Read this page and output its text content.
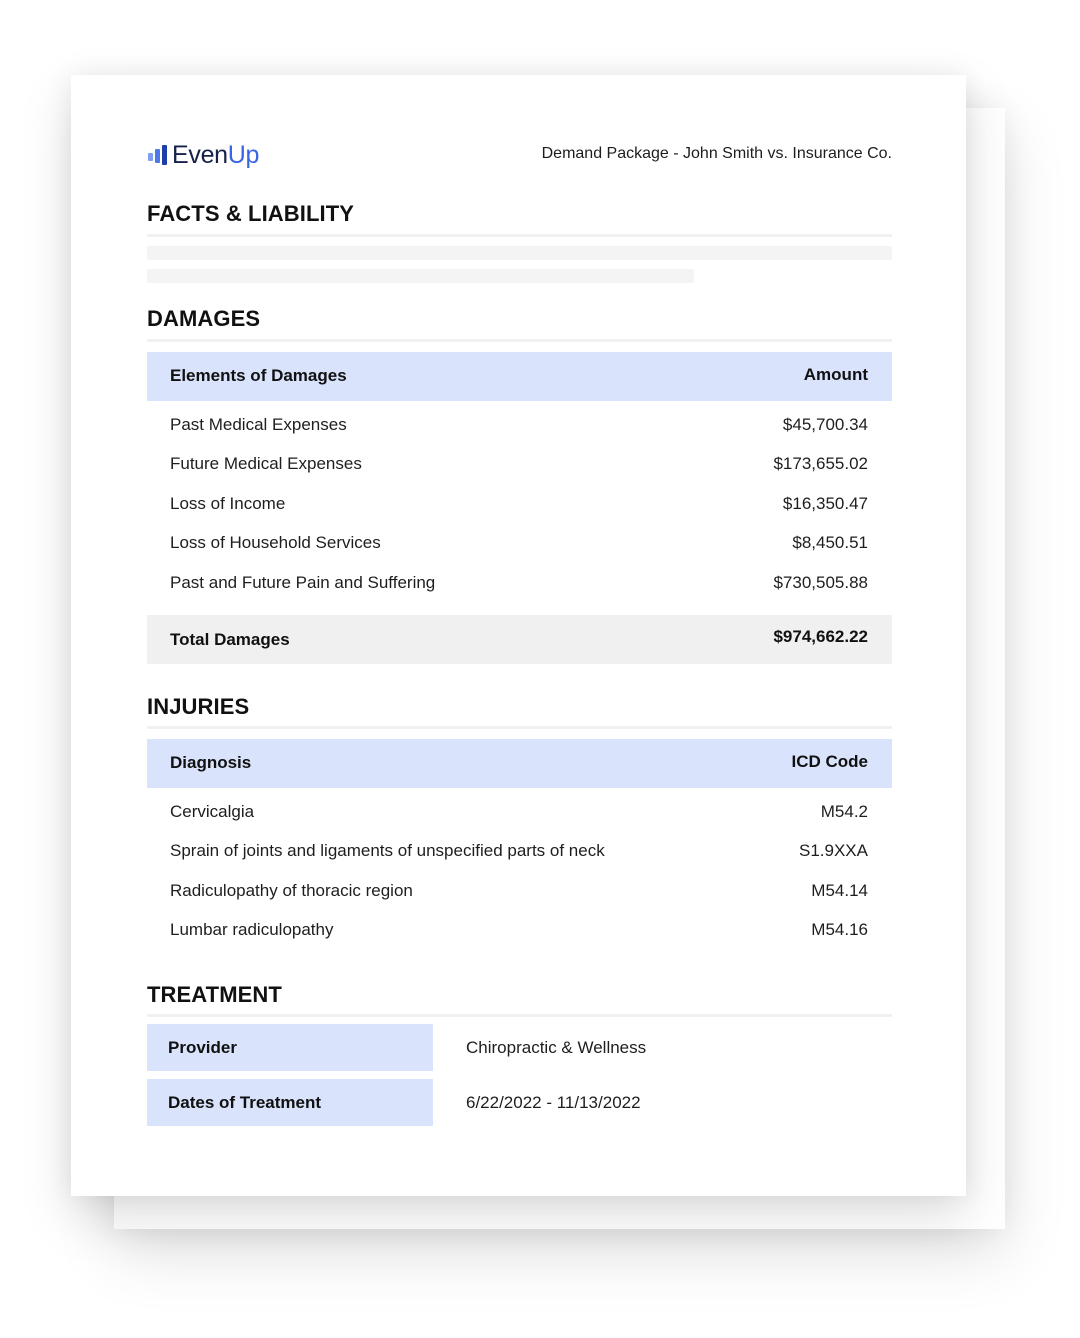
Even Up	Demand Package - John Smith vs. Insurance Co.
FACTS & LIABILITY
DAMAGES
Elements of Damages	Amount
Past Medical Expenses	$45,700.34
Future Medical Expenses	$173,655.02
Loss of Income	$16,350.47
Loss of Household Services	$8,450.51
Past and Future Pain and Suffering	$730,505.88
Total Damages	$974,662.22
INJURIES
Diagnosis	ICD Code
Cervicalgia	M54.2
Sprain of joints and ligaments of unspecified parts of neck	S1.9XXA
Radiculopathy of thoracic region	M54.14
Lumbar radiculopathy	M54.16
TREATMENT
Provider	Chiropractic & Wellness
Dates of Treatment	6/22/2022 - 11/13/2022
